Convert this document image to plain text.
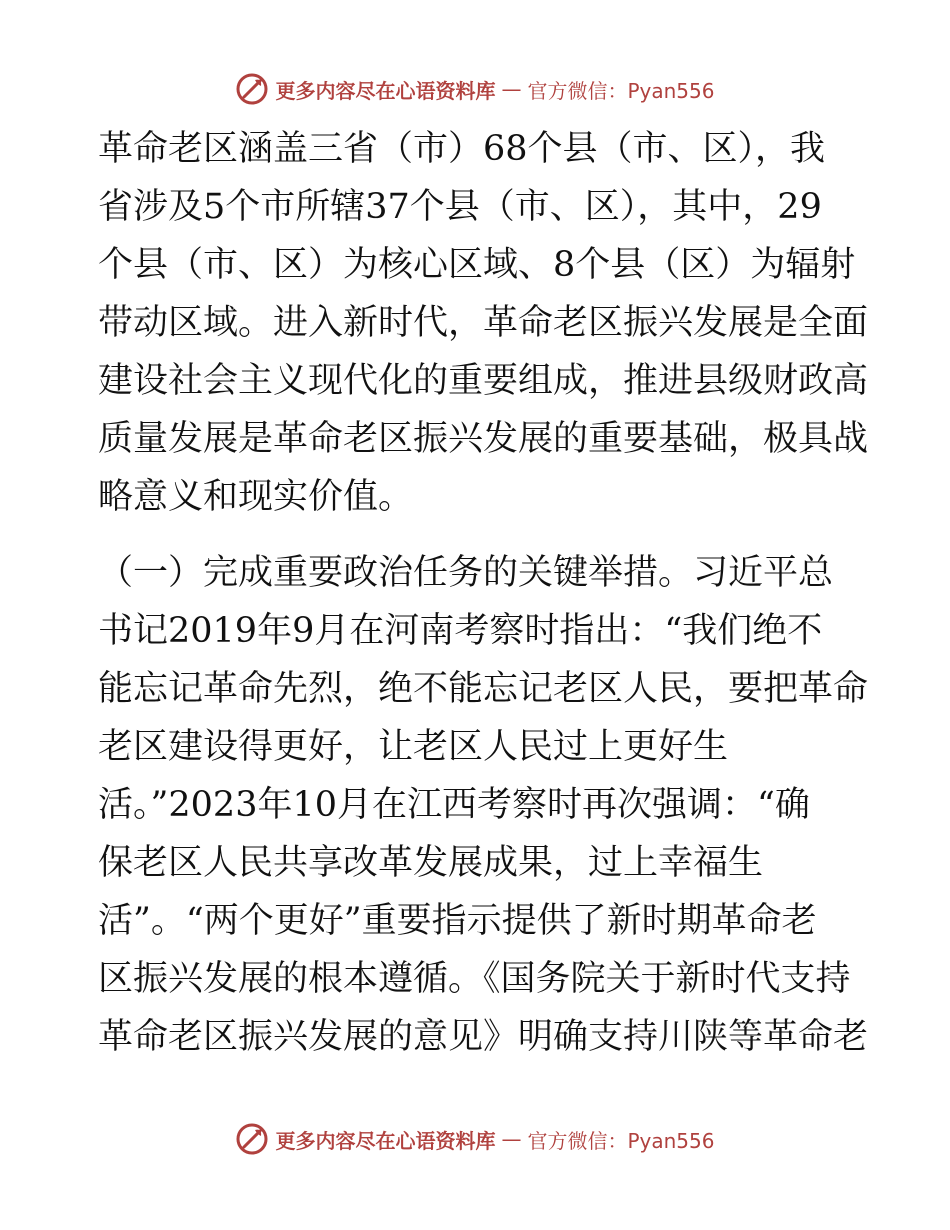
更多内容尽在心语资料库 — 官方微信：Pyan556

革命老区涵盖三省（市）68个县（市、区），我
省涉及5个市所辖37个县（市、区），其中，29
个县（市、区）为核心区域、8个县（区）为辐射
带动区域。进入新时代，革命老区振兴发展是全面
建设社会主义现代化的重要组成，推进县级财政高
质量发展是革命老区振兴发展的重要基础，极具战
略意义和现实价值。

（一）完成重要政治任务的关键举措。习近平总
书记2019年9月在河南考察时指出：“我们绝不
能忘记革命先烈，绝不能忘记老区人民，要把革命
老区建设得更好，让老区人民过上更好生
活。”2023年10月在江西考察时再次强调：“确
保老区人民共享改革发展成果，过上幸福生
活”。“两个更好”重要指示提供了新时期革命老
区振兴发展的根本遵循。《国务院关于新时代支持
革命老区振兴发展的意见》明确支持川陕等革命老

更多内容尽在心语资料库 — 官方微信：Pyan556
